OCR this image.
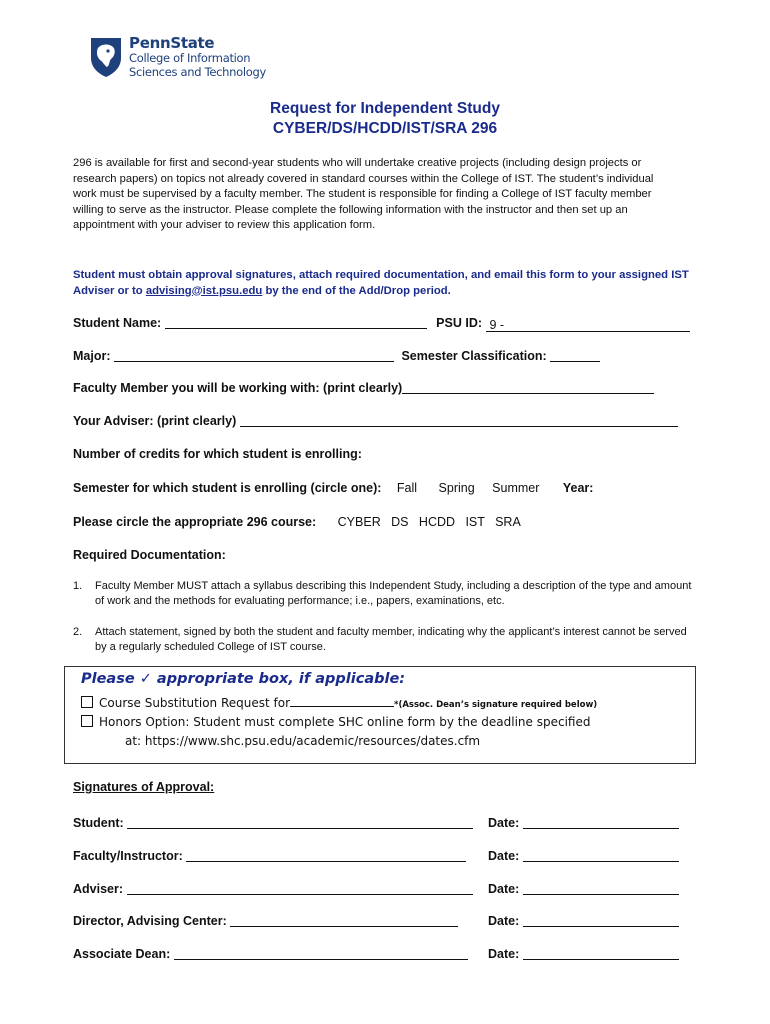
PennState
College of Information
Sciences and Technology
Request for Independent Study
CYBER/DS/HCDD/IST/SRA 296

296 is available for first and second-year students who will undertake creative projects (including design projects or research papers) on topics not already covered in standard courses within the College of IST. The student’s individual work must be supervised by a faculty member. The student is responsible for finding a College of IST faculty member willing to serve as the instructor. Please complete the following information with the instructor and then set up an appointment with your adviser to review this application form.

Student must obtain approval signatures, attach required documentation, and email this form to your assigned IST Adviser or to advising@ist.psu.edu by the end of the Add/Drop period.

Student Name:	PSU ID: 9 -
Major:	Semester Classification:
Faculty Member you will be working with: (print clearly)
Your Adviser: (print clearly)
Number of credits for which student is enrolling:
Semester for which student is enrolling (circle one): Fall Spring Summer Year:
Please circle the appropriate 296 course: CYBER   DS   HCDD   IST   SRA
Required Documentation:
1.	Faculty Member MUST attach a syllabus describing this Independent Study, including a description of the type and amount of work and the methods for evaluating performance; i.e., papers, examinations, etc.
2.	Attach statement, signed by both the student and faculty member, indicating why the applicant’s interest cannot be served by a regularly scheduled College of IST course.
Please ✓ appropriate box, if applicable:
Course Substitution Request for	*(Assoc. Dean’s signature required below)
Honors Option: Student must complete SHC online form by the deadline specified
at: https://www.shc.psu.edu/academic/resources/dates.cfm
Signatures of Approval:
Student:	Date:
Faculty/Instructor:	Date:
Adviser:	Date:
Director, Advising Center:	Date:
Associate Dean:	Date:
